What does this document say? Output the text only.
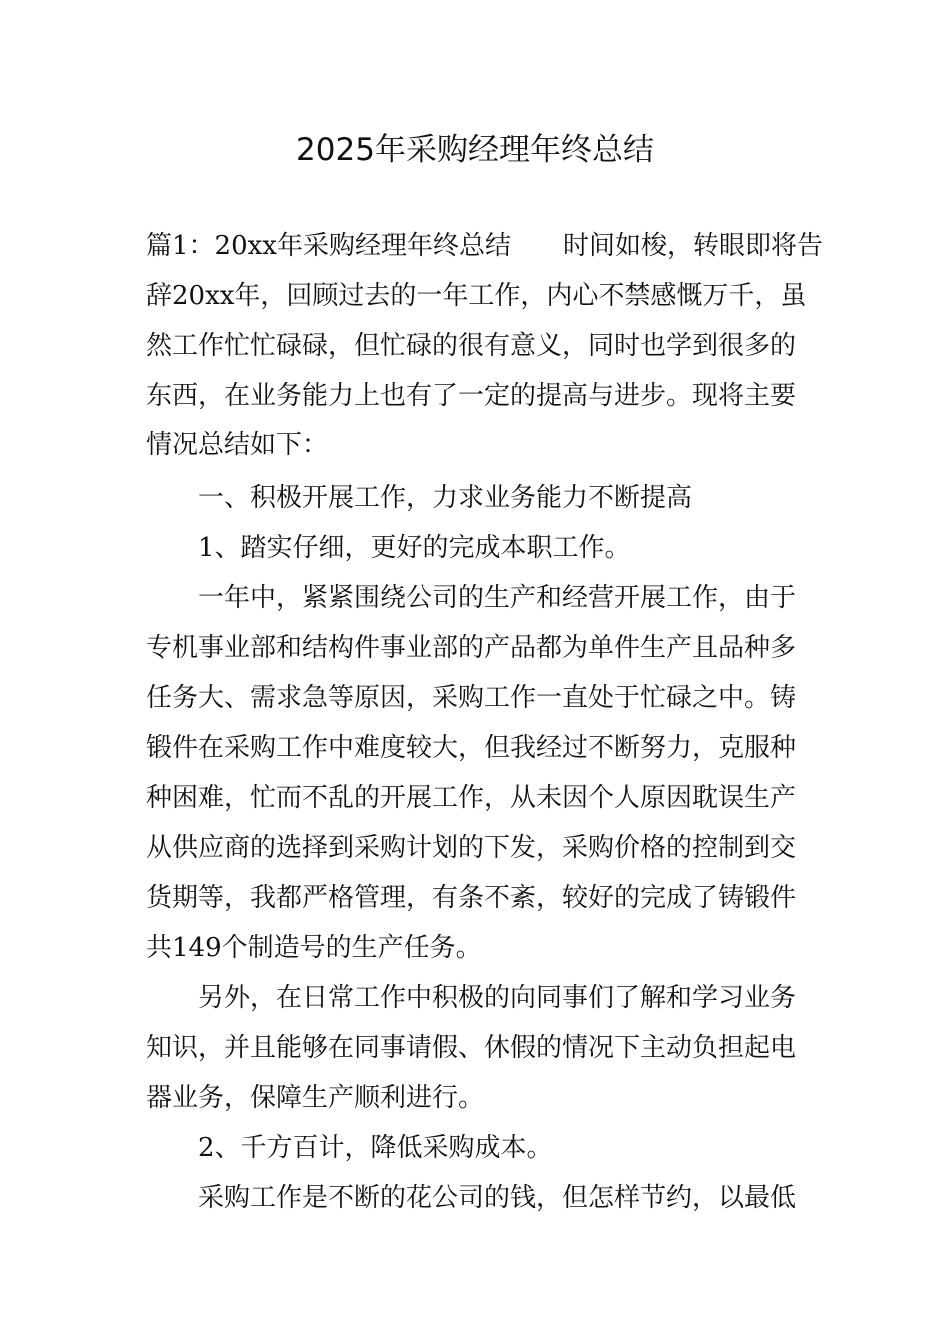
2025年采购经理年终总结
篇1：20xx年采购经理年终总结 时间如梭，转眼即将告
辞20xx年，回顾过去的一年工作，内心不禁感慨万千，虽
然工作忙忙碌碌，但忙碌的很有意义，同时也学到很多的
东西，在业务能力上也有了一定的提高与进步。现将主要
情况总结如下：
一、积极开展工作，力求业务能力不断提高
1、踏实仔细，更好的完成本职工作。
一年中，紧紧围绕公司的生产和经营开展工作，由于
专机事业部和结构件事业部的产品都为单件生产且品种多
任务大、需求急等原因，采购工作一直处于忙碌之中。铸
锻件在采购工作中难度较大，但我经过不断努力，克服种
种困难，忙而不乱的开展工作，从未因个人原因耽误生产
从供应商的选择到采购计划的下发，采购价格的控制到交
货期等，我都严格管理，有条不紊，较好的完成了铸锻件
共149个制造号的生产任务。
另外，在日常工作中积极的向同事们了解和学习业务
知识，并且能够在同事请假、休假的情况下主动负担起电
器业务，保障生产顺利进行。
2、千方百计，降低采购成本。
采购工作是不断的花公司的钱，但怎样节约，以最低
